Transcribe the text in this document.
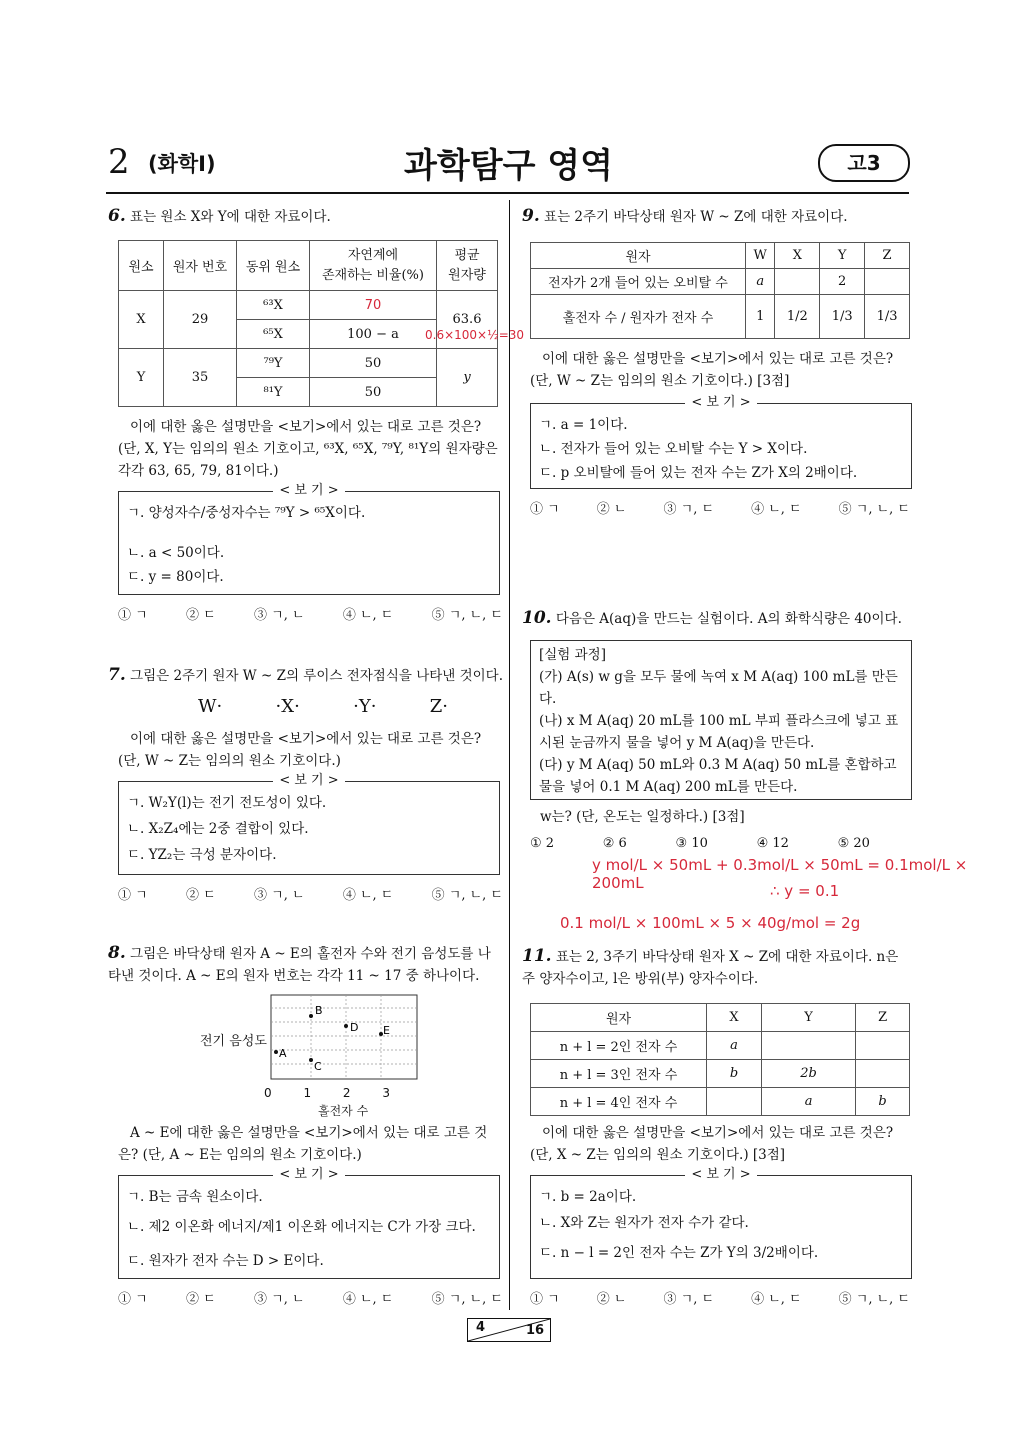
2 (화학Ⅰ)	과학탐구 영역	고3
6. 표는 원소 X와 Y에 대한 자료이다.
원소	원자 번호	동위 원소	자연계에
존재하는 비율(%)	평균
원자량
X	29	⁶³X	70	63.6
		⁶⁵X	100 − a	
Y	35	⁷⁹Y	50	y
		⁸¹Y	50	
0.6×100×½=30
이에 대한 옳은 설명만을 <보기>에서 있는 대로 고른 것은?
(단, X, Y는 임의의 원소 기호이고, ⁶³X, ⁶⁵X, ⁷⁹Y, ⁸¹Y의 원자량은 각각 63, 65, 79, 81이다.)
< 보 기 >
ㄱ. 양성자수/중성자수는 ⁷⁹Y > ⁶⁵X이다.
ㄴ. a < 50이다.
ㄷ. y = 80이다.
① ㄱ	② ㄷ	③ ㄱ, ㄴ	④ ㄴ, ㄷ	⑤ ㄱ, ㄴ, ㄷ
7. 그림은 2주기 원자 W ~ Z의 루이스 전자점식을 나타낸 것이다.
W·	·X·	·Y·	Z·
이에 대한 옳은 설명만을 <보기>에서 있는 대로 고른 것은?
(단, W ~ Z는 임의의 원소 기호이다.)
< 보 기 >
ㄱ. W₂Y(l)는 전기 전도성이 있다.
ㄴ. X₂Z₄에는 2중 결합이 있다.
ㄷ. YZ₂는 극성 분자이다.
① ㄱ	② ㄷ	③ ㄱ, ㄴ	④ ㄴ, ㄷ	⑤ ㄱ, ㄴ, ㄷ
8. 그림은 바닥상태 원자 A ~ E의 홀전자 수와 전기 음성도를 나타낸 것이다. A ~ E의 원자 번호는 각각 11 ~ 17 중 하나이다.
전기 음성도
B
D E
A
C
0	1	2	3
홀전자 수
A ~ E에 대한 옳은 설명만을 <보기>에서 있는 대로 고른 것은? (단, A ~ E는 임의의 원소 기호이다.)
< 보 기 >
ㄱ. B는 금속 원소이다.
ㄴ. 제2 이온화 에너지/제1 이온화 에너지는 C가 가장 크다.
ㄷ. 원자가 전자 수는 D > E이다.
① ㄱ	② ㄷ	③ ㄱ, ㄴ	④ ㄴ, ㄷ	⑤ ㄱ, ㄴ, ㄷ
9. 표는 2주기 바닥상태 원자 W ~ Z에 대한 자료이다.
원자	W	X	Y	Z
전자가 2개 들어 있는 오비탈 수	a		2	
홀전자 수 / 원자가 전자 수	1	1/2	1/3	1/3
이에 대한 옳은 설명만을 <보기>에서 있는 대로 고른 것은?
(단, W ~ Z는 임의의 원소 기호이다.) [3점]
< 보 기 >
ㄱ. a = 1이다.
ㄴ. 전자가 들어 있는 오비탈 수는 Y > X이다.
ㄷ. p 오비탈에 들어 있는 전자 수는 Z가 X의 2배이다.
① ㄱ	② ㄴ	③ ㄱ, ㄷ	④ ㄴ, ㄷ	⑤ ㄱ, ㄴ, ㄷ
10. 다음은 A(aq)을 만드는 실험이다. A의 화학식량은 40이다.
[실험 과정]
(가) A(s) w g을 모두 물에 녹여 x M A(aq) 100 mL를 만든다.
(나) x M A(aq) 20 mL를 100 mL 부피 플라스크에 넣고 표시된 눈금까지 물을 넣어 y M A(aq)을 만든다.
(다) y M A(aq) 50 mL와 0.3 M A(aq) 50 mL를 혼합하고 물을 넣어 0.1 M A(aq) 200 mL를 만든다.
w는? (단, 온도는 일정하다.) [3점]
① 2	② 6	③ 10	④ 12	⑤ 20
y mol/L × 50mL + 0.3mol/L × 50mL = 0.1mol/L × 200mL	∴ y = 0.1
0.1 mol/L × 100mL × 5 × 40g/mol = 2g
11. 표는 2, 3주기 바닥상태 원자 X ~ Z에 대한 자료이다. n은 주 양자수이고, l은 방위(부) 양자수이다.
원자	X	Y	Z
n + l = 2인 전자 수	a		
n + l = 3인 전자 수	b	2b	
n + l = 4인 전자 수		a	b
이에 대한 옳은 설명만을 <보기>에서 있는 대로 고른 것은?
(단, X ~ Z는 임의의 원소 기호이다.) [3점]
< 보 기 >
ㄱ. b = 2a이다.
ㄴ. X와 Z는 원자가 전자 수가 같다.
ㄷ. n − l = 2인 전자 수는 Z가 Y의 3/2배이다.
① ㄱ	② ㄴ	③ ㄱ, ㄷ	④ ㄴ, ㄷ	⑤ ㄱ, ㄴ, ㄷ
4	16
